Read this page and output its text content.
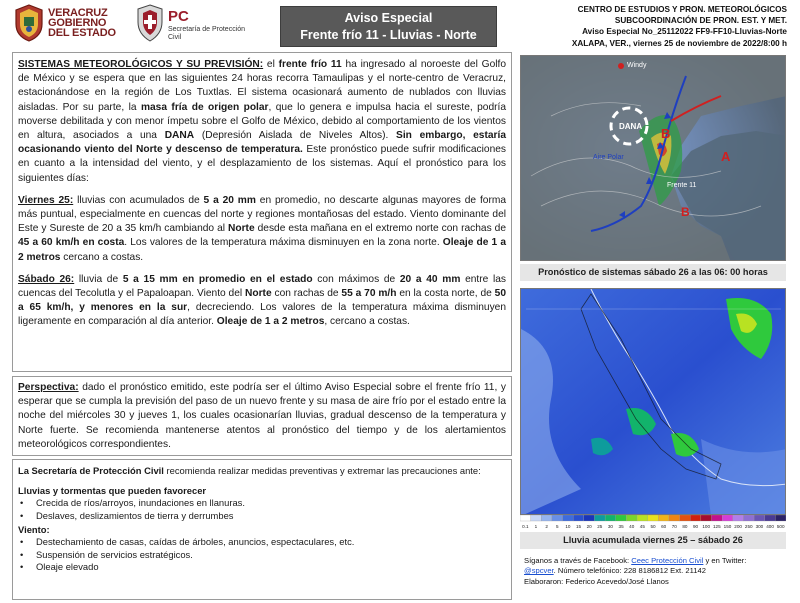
VERACRUZ
GOBIERNO
DEL ESTADO
PC
Secretaría de Protección Civil
Aviso Especial
Frente frío 11 - Lluvias - Norte
CENTRO DE ESTUDIOS Y PRON. METEOROLÓGICOS
SUBCOORDINACIÓN DE PRON. EST. Y MET.
Aviso Especial No_25112022 FF9-FF10-Lluvias-Norte
XALAPA, VER., viernes 25 de noviembre de 2022/8:00 h

SISTEMAS METEOROLÓGICOS Y SU PREVISIÓN: el frente frío 11 ha ingresado al noroeste del Golfo de México y se espera que en las siguientes 24 horas recorra Tamaulipas y el norte-centro de Veracruz, estacionándose en la región de Los Tuxtlas. El sistema ocasionará aumento de nublados con lluvias aisladas. Por su parte, la masa fría de origen polar, que lo genera e impulsa hacia el sureste, podría moverse debilitada y con menor ímpetu sobre el Golfo de México, debido al comportamiento de los vientos en altura, asociados a una DANA (Depresión Aislada de Niveles Altos). Sin embargo, estaría ocasionando viento del Norte y descenso de temperatura. Este pronóstico puede sufrir modificaciones en cuanto a la intensidad del viento, y el desplazamiento de los sistemas. Aquí el pronóstico para los siguientes días:

Viernes 25: lluvias con acumulados de 5 a 20 mm en promedio, no descarte algunas mayores de forma más puntual, especialmente en cuencas del norte y regiones montañosas del estado. Viento dominante del Este y Sureste de 20 a 35 km/h cambiando al Norte desde esta mañana en el extremo norte con rachas de 45 a 60 km/h en costa. Los valores de la temperatura máxima disminuyen en la zona norte. Oleaje de 1 a 2 metros cercano a costas.

Sábado 26: lluvia de 5 a 15 mm en promedio en el estado con máximos de 20 a 40 mm entre las cuencas del Tecolutla y el Papaloapan. Viento del Norte con rachas de 55 a 70 m/h en la costa norte, de 50 a 65 km/h, y menores en la sur, decreciendo. Los valores de la temperatura máxima disminuyen ligeramente en comparación al día anterior. Oleaje de 1 a 2 metros, cercano a costas.

Perspectiva: dado el pronóstico emitido, este podría ser el último Aviso Especial sobre el frente frío 11, y esperar que se cumpla la previsión del paso de un nuevo frente y su masa de aire frío por el estado entre la noche del miércoles 30 y jueves 1, los cuales ocasionarían lluvias, gradual descenso de la temperatura y Norte fuerte. Se recomienda mantenerse atentos al pronóstico del tiempo y de los alertamientos meteorológicos correspondientes.

La Secretaría de Protección Civil recomienda realizar medidas preventivas y extremar las precauciones ante:

Lluvias y tormentas que pueden favorecer
• Crecida de ríos/arroyos, inundaciones en llanuras.
• Deslaves, deslizamientos de tierra y derrumbes
Viento:
• Destechamiento de casas, caídas de árboles, anuncios, espectaculares, etc.
• Suspensión de servicios estratégicos.
• Oleaje elevado
B
B
A
Windy
DANA
Aire Polar
Frente 11
Pronóstico de sistemas sábado 26 a las 06: 00 horas
0.1 1 2 5 10 15 20 25 30 35 40 45 50 60 70 80 90 100 125 150 200 250 300 400 500
Lluvia acumulada viernes 25 – sábado 26
Síganos a través de Facebook: Ceec Protección Civil y en Twitter:
@spcver. Número telefónico: 228 8186812 Ext. 21142
Elaboraron: Federico Acevedo/José Llanos
